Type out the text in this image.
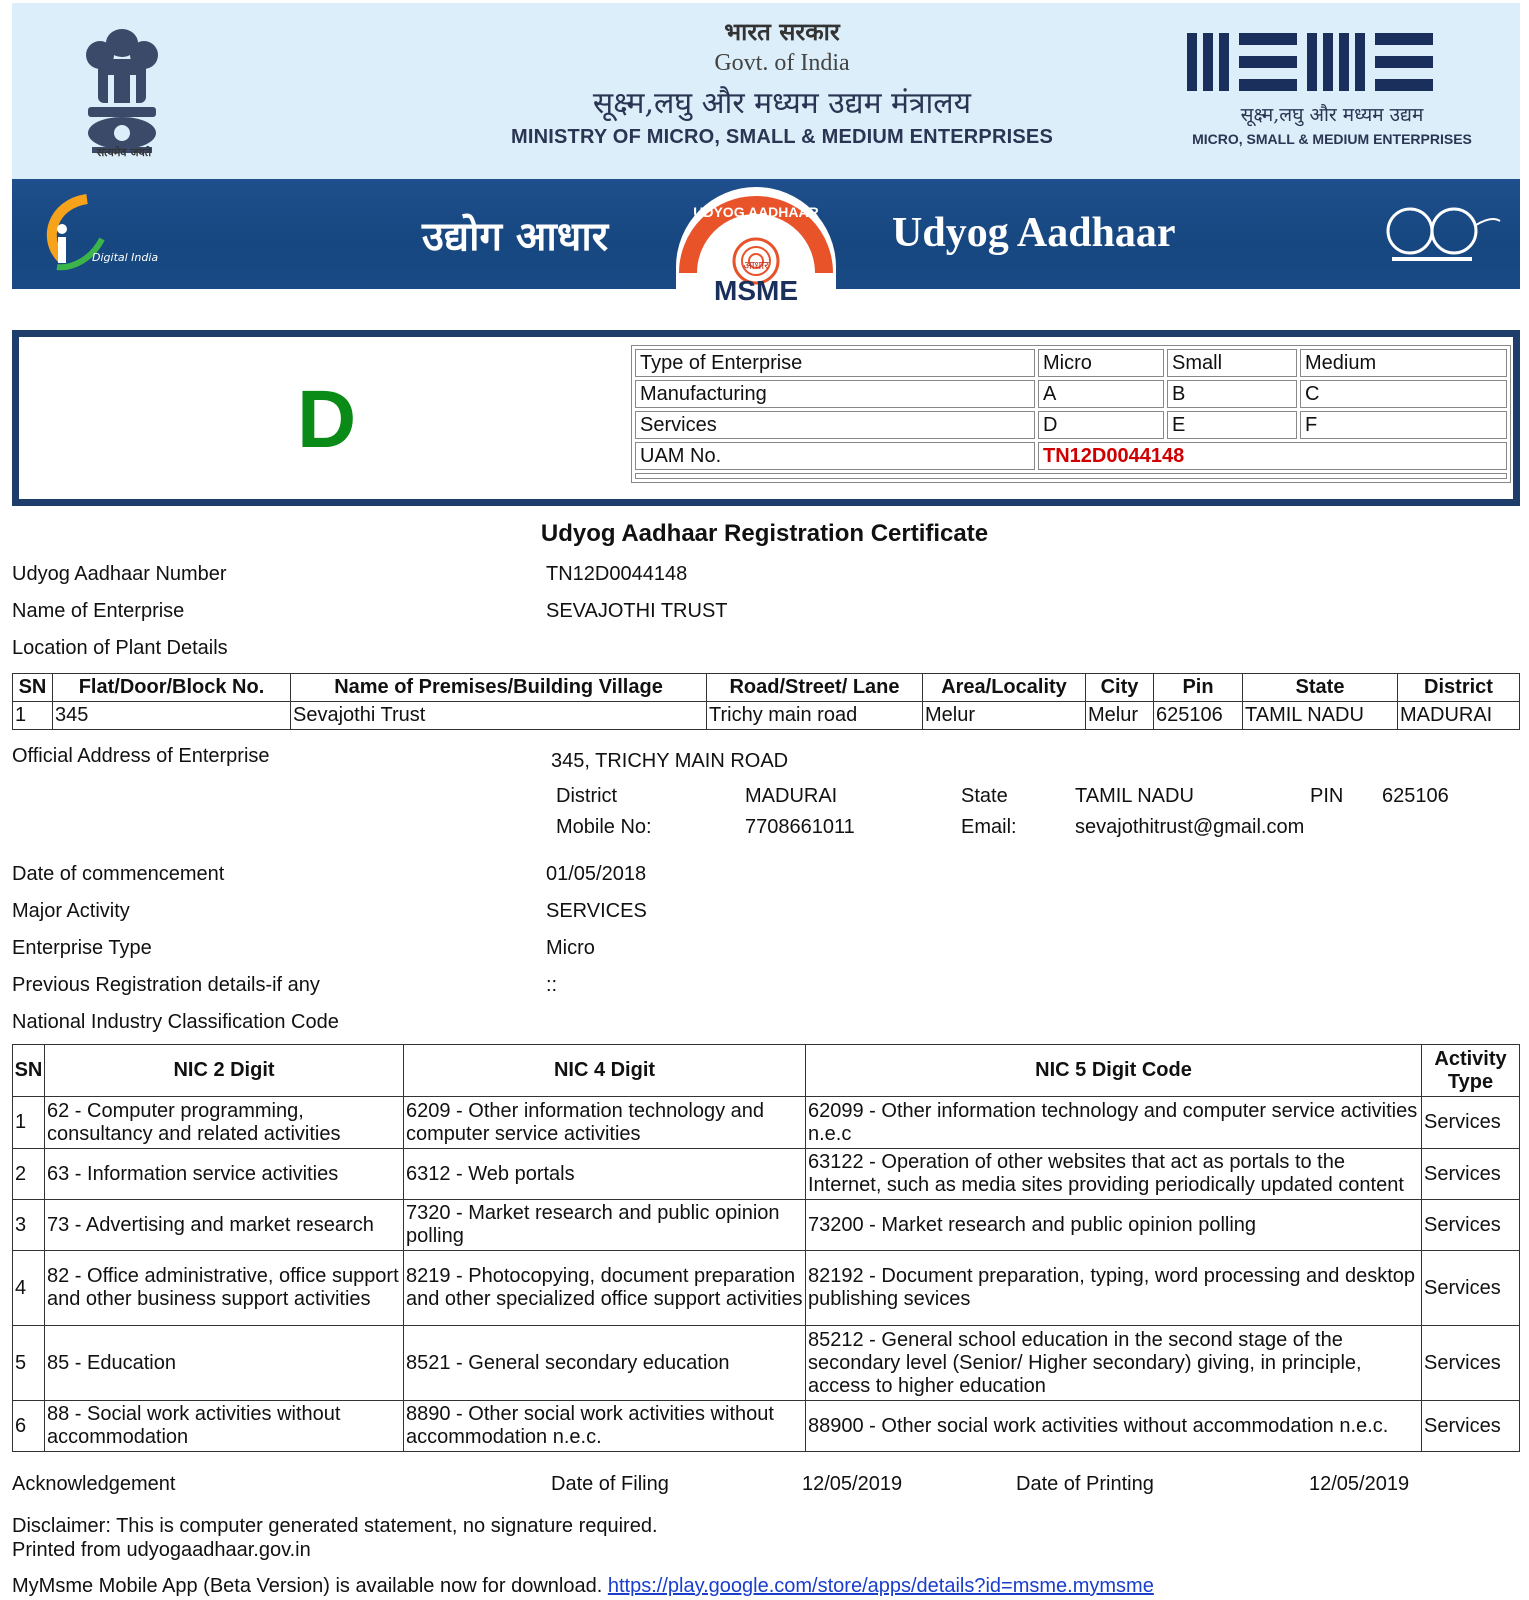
सत्यमेव जयते
भारत सरकार
Govt. of India
सूक्ष्म,लघु और मध्यम उद्यम मंत्रालय
MINISTRY OF MICRO, SMALL & MEDIUM ENTERPRISES
सूक्ष्म,लघु और मध्यम उद्यम
MICRO, SMALL & MEDIUM ENTERPRISES
Digital India	उद्योग आधार	Udyog Aadhaar
UDYOG AADHAAR
आधार
MSME
D
Type of Enterprise	Micro	Small	Medium
Manufacturing	A	B	C
Services	D	E	F
UAM No.	TN12D0044148		

Udyog Aadhaar Registration Certificate
Udyog Aadhaar Number	TN12D0044148
Name of Enterprise	SEVAJOTHI TRUST
Location of Plant Details
SN	Flat/Door/Block No.	Name of Premises/Building Village	Road/Street/ Lane	Area/Locality	City	Pin	State	District
1	345	Sevajothi Trust	Trichy main road	Melur	Melur	625106	TAMIL NADU	MADURAI
Official Address of Enterprise	345, TRICHY MAIN ROAD
District	MADURAI	State	TAMIL NADU	PIN 625106
Mobile No:	7708661011	Email:	sevajothitrust@gmail.com
Date of commencement	01/05/2018
Major Activity	SERVICES
Enterprise Type	Micro
Previous Registration details-if any	::
National Industry Classification Code
SN	NIC 2 Digit	NIC 4 Digit	NIC 5 Digit Code	Activity Type
1	62 - Computer programming, consultancy and related activities	6209 - Other information technology and computer service activities	62099 - Other information technology and computer service activities n.e.c	Services
2	63 - Information service activities	6312 - Web portals	63122 - Operation of other websites that act as portals to the Internet, such as media sites providing periodically updated content	Services
3	73 - Advertising and market research	7320 - Market research and public opinion polling	73200 - Market research and public opinion polling	Services
4	82 - Office administrative, office support and other business support activities	8219 - Photocopying, document preparation and other specialized office support activities	82192 - Document preparation, typing, word processing and desktop publishing sevices	Services
5	85 - Education	8521 - General secondary education	85212 - General school education in the second stage of the secondary level (Senior/ Higher secondary) giving, in principle, access to higher education	Services
6	88 - Social work activities without accommodation	8890 - Other social work activities without accommodation n.e.c.	88900 - Other social work activities without accommodation n.e.c.	Services
Acknowledgement	Date of Filing	12/05/2019	Date of Printing	12/05/2019
Disclaimer: This is computer generated statement, no signature required.
Printed from udyogaadhaar.gov.in
MyMsme Mobile App (Beta Version) is available now for download. https://play.google.com/store/apps/details?id=msme.mymsme
